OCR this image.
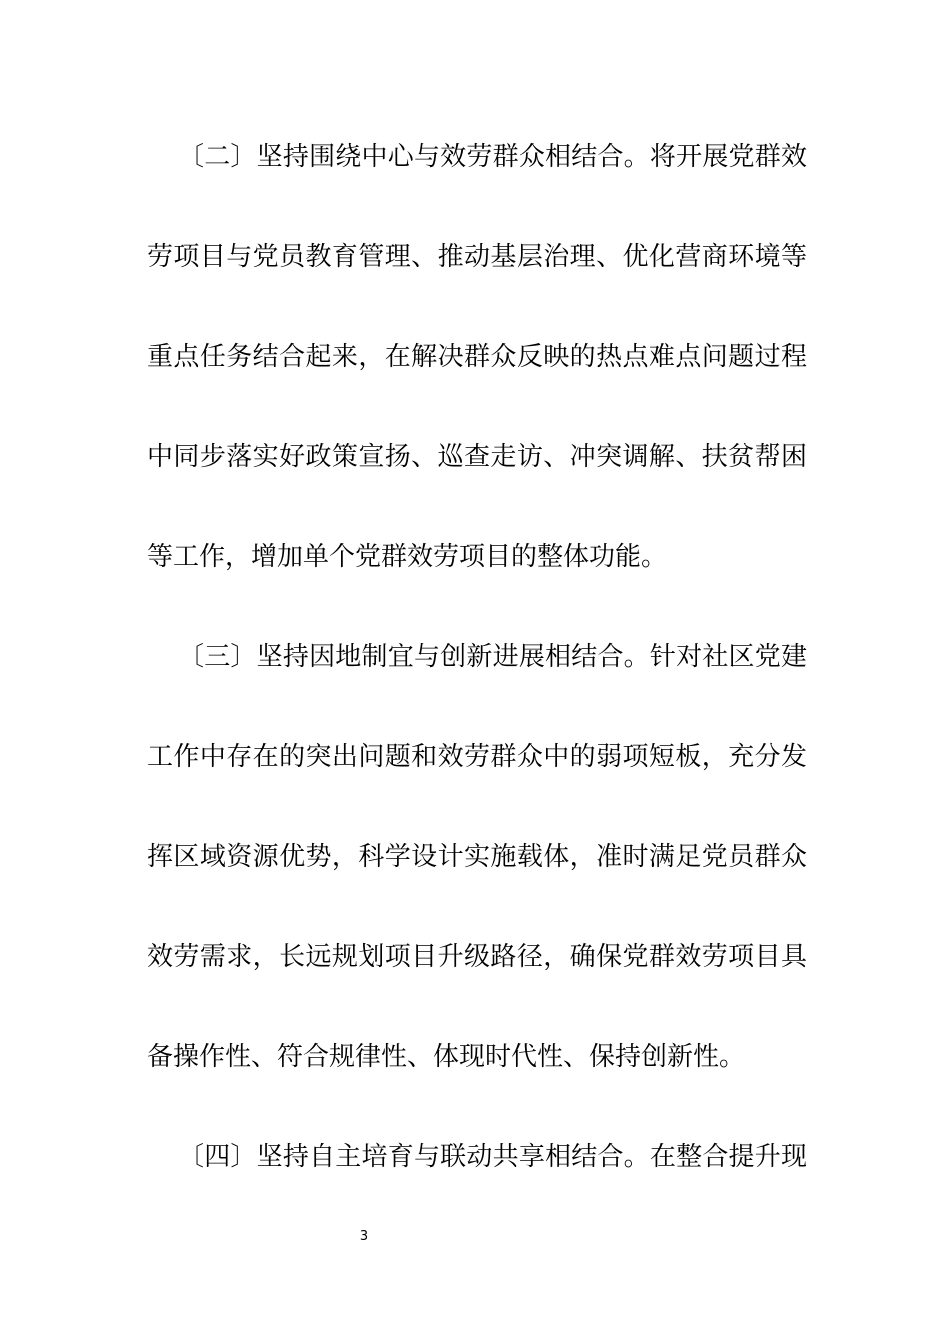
〔二〕坚持围绕中心与效劳群众相结合。将开展党群效
劳项目与党员教育管理、推动基层治理、优化营商环境等
重点任务结合起来，在解决群众反映的热点难点问题过程
中同步落实好政策宣扬、巡查走访、冲突调解、扶贫帮困
等工作，增加单个党群效劳项目的整体功能。
〔三〕坚持因地制宜与创新进展相结合。针对社区党建
工作中存在的突出问题和效劳群众中的弱项短板，充分发
挥区域资源优势，科学设计实施载体，准时满足党员群众
效劳需求，长远规划项目升级路径，确保党群效劳项目具
备操作性、符合规律性、体现时代性、保持创新性。
〔四〕坚持自主培育与联动共享相结合。在整合提升现
3
